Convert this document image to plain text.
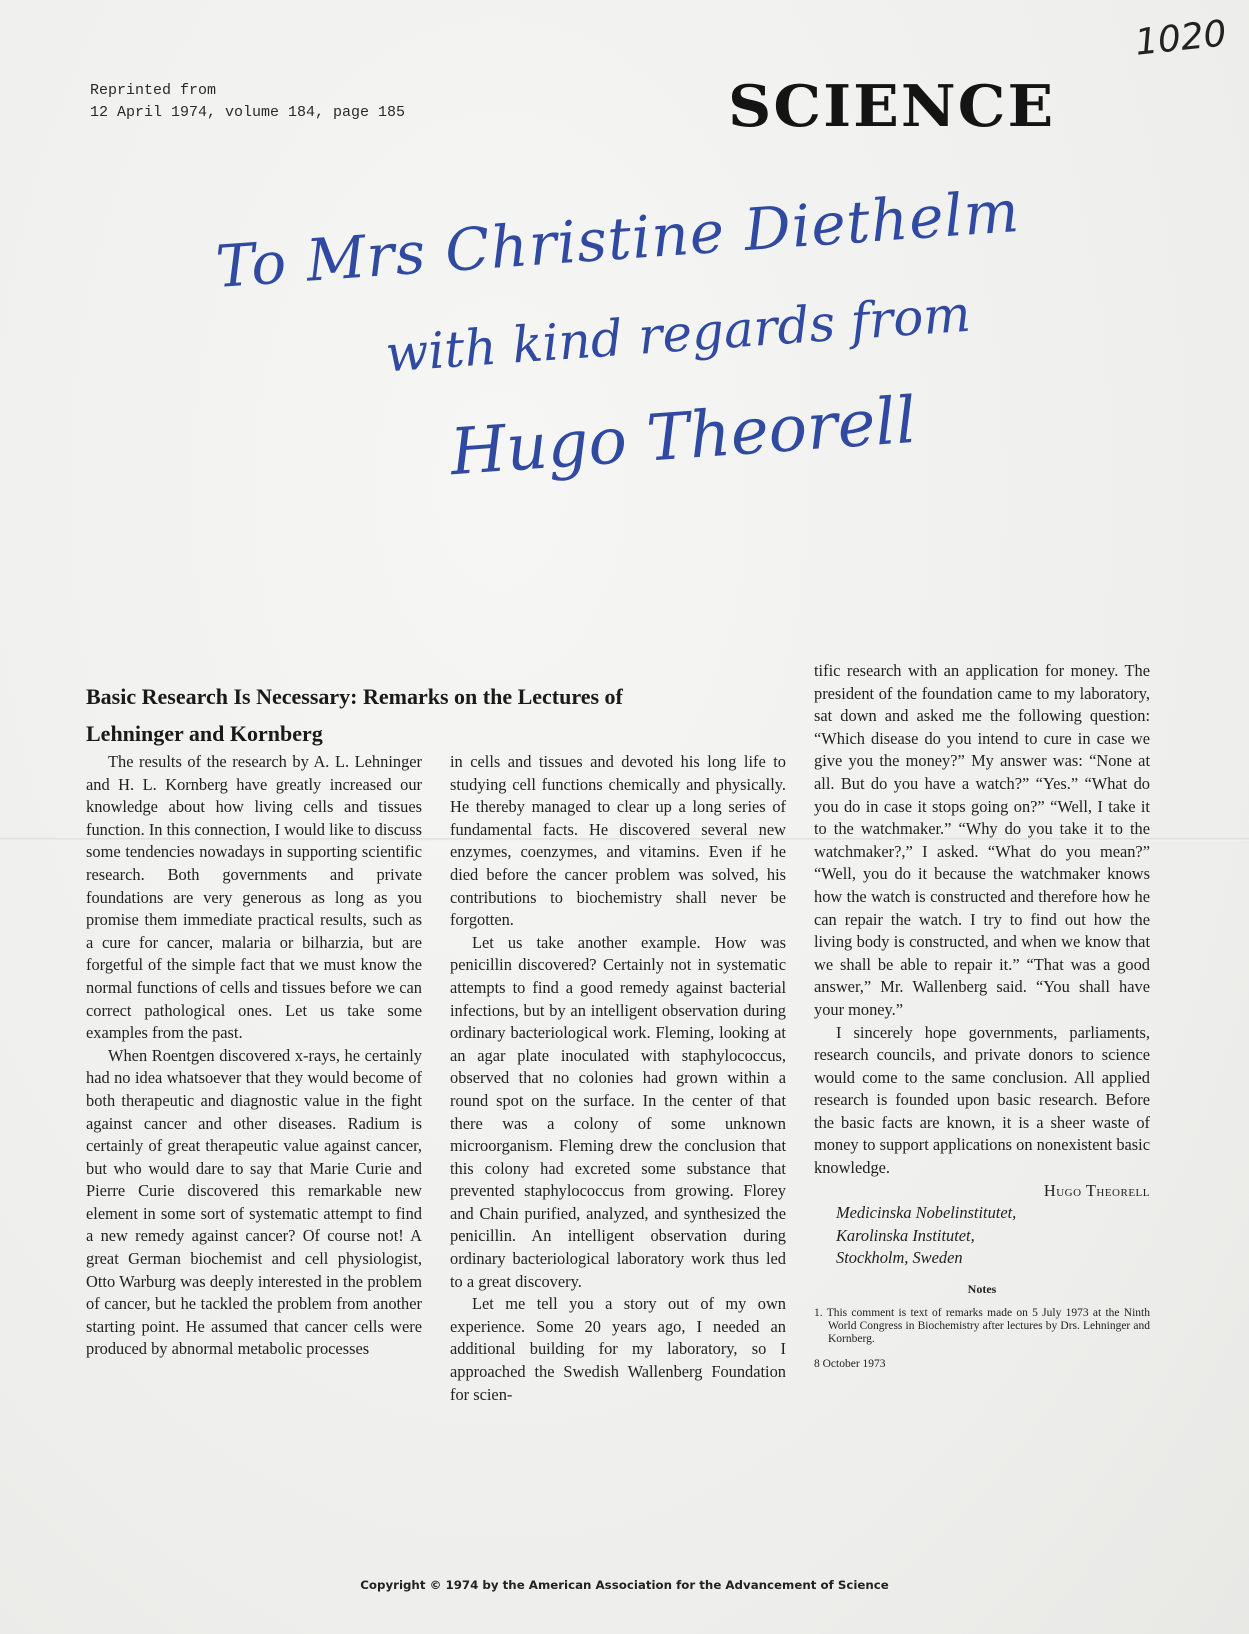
Reprinted from
12 April 1974, volume 184, page 185	SCIENCE
1020
To Mrs Christine Diethelm
with kind regards from
Hugo Theorell
Basic Research Is Necessary: Remarks on the Lectures of Lehninger and Kornberg

The results of the research by A. L. Lehninger and H. L. Kornberg have greatly increased our knowledge about how living cells and tissues function. In this connection, I would like to discuss some tendencies nowadays in supporting scientific research. Both governments and private foundations are very generous as long as you promise them immediate practical results, such as a cure for cancer, malaria or bilharzia, but are forgetful of the simple fact that we must know the normal functions of cells and tissues before we can correct pathological ones. Let us take some examples from the past.

When Roentgen discovered x-rays, he certainly had no idea whatsoever that they would become of both therapeutic and diagnostic value in the fight against cancer and other diseases. Radium is certainly of great therapeutic value against cancer, but who would dare to say that Marie Curie and Pierre Curie discovered this remarkable new element in some sort of systematic attempt to find a new remedy against cancer? Of course not! A great German biochemist and cell physiologist, Otto Warburg was deeply interested in the problem of cancer, but he tackled the problem from another starting point. He assumed that cancer cells were produced by abnormal metabolic processes

in cells and tissues and devoted his long life to studying cell functions chemically and physically. He thereby managed to clear up a long series of fundamental facts. He discovered several new enzymes, coenzymes, and vitamins. Even if he died before the cancer problem was solved, his contributions to biochemistry shall never be forgotten.

Let us take another example. How was penicillin discovered? Certainly not in systematic attempts to find a good remedy against bacterial infections, but by an intelligent observation during ordinary bacteriological work. Fleming, looking at an agar plate inoculated with staphylococcus, observed that no colonies had grown within a round spot on the surface. In the center of that there was a colony of some unknown microorganism. Fleming drew the conclusion that this colony had excreted some substance that prevented staphylococcus from growing. Florey and Chain purified, analyzed, and synthesized the penicillin. An intelligent observation during ordinary bacteriological laboratory work thus led to a great discovery.

Let me tell you a story out of my own experience. Some 20 years ago, I needed an additional building for my laboratory, so I approached the Swedish Wallenberg Foundation for scien-

tific research with an application for money. The president of the foundation came to my laboratory, sat down and asked me the following question: “Which disease do you intend to cure in case we give you the money?” My answer was: “None at all. But do you have a watch?” “Yes.” “What do you do in case it stops going on?” “Well, I take it to the watchmaker.” “Why do you take it to the watchmaker?,” I asked. “What do you mean?” “Well, you do it because the watchmaker knows how the watch is constructed and therefore how he can repair the watch. I try to find out how the living body is constructed, and when we know that we shall be able to repair it.” “That was a good answer,” Mr. Wallenberg said. “You shall have your money.”

I sincerely hope governments, parliaments, research councils, and private donors to science would come to the same conclusion. All applied research is founded upon basic research. Before the basic facts are known, it is a sheer waste of money to support applications on nonexistent basic knowledge.

Hugo Theorell

Medicinska Nobelinstitutet,

Karolinska Institutet,

Stockholm, Sweden

Notes
1. This comment is text of remarks made on 5 July 1973 at the Ninth World Congress in Biochemistry after lectures by Drs. Lehninger and Kornberg.
8 October 1973
Copyright © 1974 by the American Association for the Advancement of Science
